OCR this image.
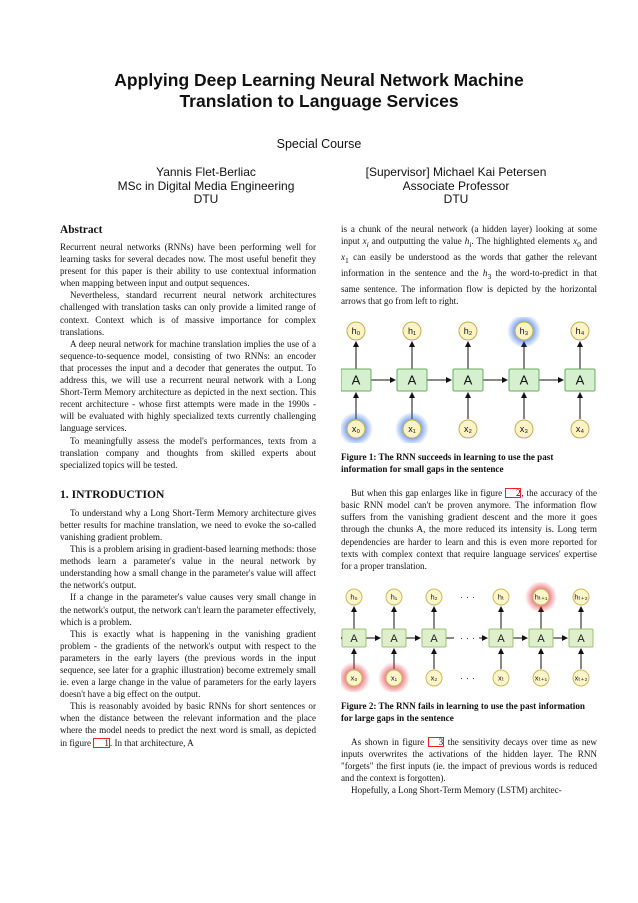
Applying Deep Learning Neural Network Machine
Translation to Language Services
Special Course
Yannis Flet-Berliac
MSc in Digital Media Engineering
DTU
[Supervisor] Michael Kai Petersen
Associate Professor
DTU
Abstract
Recurrent neural networks (RNNs) have been performing well for learning tasks for several decades now. The most useful benefit they present for this paper is their ability to use contextual information when mapping between input and output sequences.
Nevertheless, standard recurrent neural network architectures challenged with translation tasks can only provide a limited range of context. Context which is of massive importance for complex translations.
A deep neural network for machine translation implies the use of a sequence-to-sequence model, consisting of two RNNs: an encoder that processes the input and a decoder that generates the output. To address this, we will use a recurrent neural network with a Long Short-Term Memory architecture as depicted in the next section. This recent architecture - whose first attempts were made in the 1990s - will be evaluated with highly specialized texts currently challenging language services.
To meaningfully assess the model's performances, texts from a translation company and thoughts from skilled experts about specialized topics will be tested.
1. INTRODUCTION
To understand why a Long Short-Term Memory architecture gives better results for machine translation, we need to evoke the so-called vanishing gradient problem.
This is a problem arising in gradient-based learning methods: those methods learn a parameter's value in the neural network by understanding how a small change in the parameter's value will affect the network's output.
If a change in the parameter's value causes very small change in the network's output, the network can't learn the parameter effectively, which is a problem.
This is exactly what is happening in the vanishing gradient problem - the gradients of the network's output with respect to the parameters in the early layers (the previous words in the input sequence, see later for a graphic illustration) become extremely small ie. even a large change in the value of parameters for the early layers doesn't have a big effect on the output.
This is reasonably avoided by basic RNNs for short sentences or when the distance between the relevant information and the place where the model needs to predict the next word is small, as depicted in figure 1. In that architecture, A
is a chunk of the neural network (a hidden layer) looking at some input $x_i$ and outputting the value $h_i$. The highlighted elements $x_0$ and $x_1$ can easily be understood as the words that gather the relevant information in the sentence and the $h_3$ the word-to-predict in that same sentence. The information flow is depicted by the horizontal arrows that go from left to right.
A
h₀
x₀
A
h₁
x₁
A
h₂
x₂
A
h₃
x₃
A
h₄
x₄
Figure 1: The RNN succeeds in learning to use the past information for small gaps in the sentence
But when this gap enlarges like in figure 2, the accuracy of the basic RNN model can't be proven anymore. The information flow suffers from the vanishing gradient descent and the more it goes through the chunks A, the more reduced its intensity is. Long term dependencies are harder to learn and this is even more reported for texts with complex context that require language services' expertise for a proper translation.
A
h₀
x₀
A
h₁
x₁
A
h₂
x₂
A
hₜ
xₜ
A
hₜ₊₁
xₜ₊₁
A
hₜ₊₂
xₜ₊₂
· · ·
· · ·
· · ·
Figure 2: The RNN fails in learning to use the past information for large gaps in the sentence
As shown in figure 3 the sensitivity decays over time as new inputs overwrites the activations of the hidden layer. The RNN "forgets" the first inputs (ie. the impact of previous words is reduced and the context is forgotten).
Hopefully, a Long Short-Term Memory (LSTM) architec-
